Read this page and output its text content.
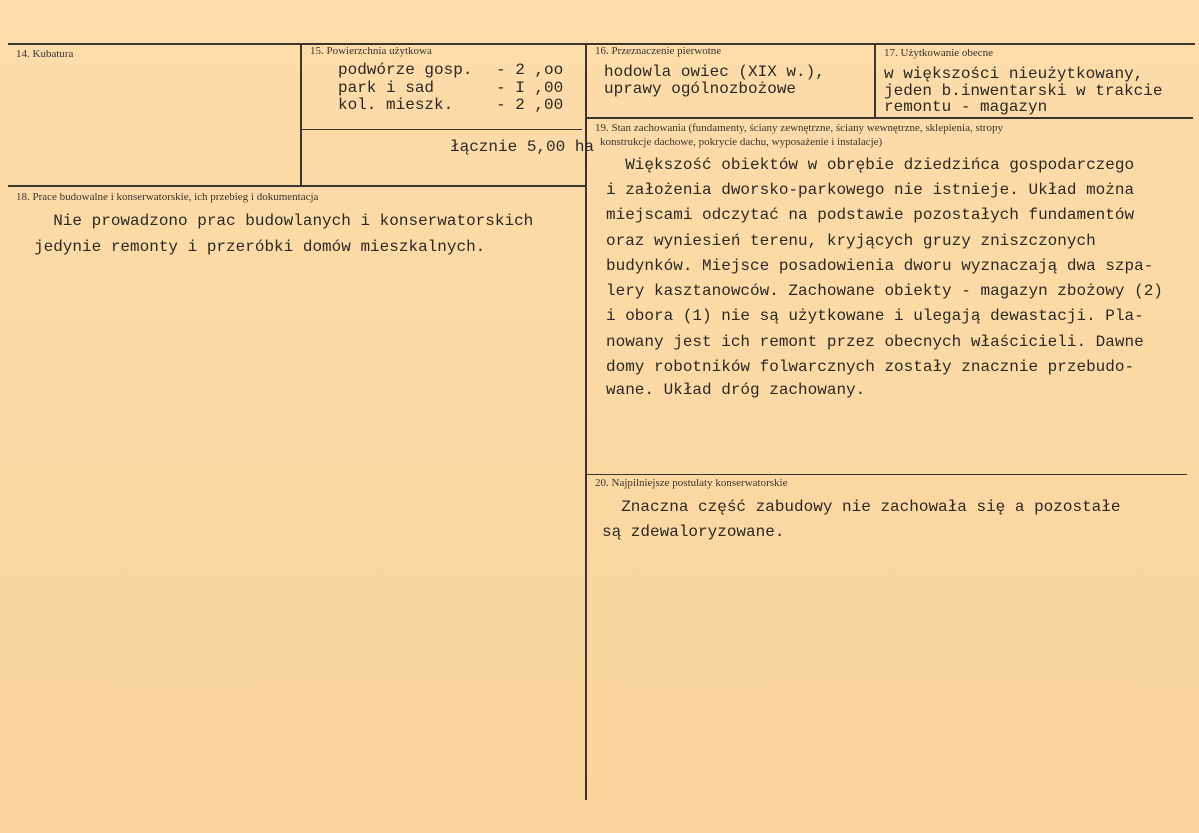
14. Kubatura	15. Powierzchnia użytkowa
podwórze gosp. - 2 ,oo
park i sad	- I ,00
kol. mieszk.	- 2 ,00
łącznie 5,00 ha
16. Przeznaczenie pierwotne
hodowla owiec (XIX w.),
uprawy ogólnozbożowe
17. Użytkowanie obecne
w większości nieużytkowany,
jeden b.inwentarski w trakcie
remontu - magazyn
18. Prace budowalne i konserwatorskie, ich przebieg i dokumentacja
Nie prowadzono prac budowlanych i konserwatorskich
jedynie remonty i przeróbki domów mieszkalnych.
19. Stan zachowania (fundamenty, ściany zewnętrzne, ściany wewnętrzne, sklepienia, stropy
konstrukcje dachowe, pokrycie dachu, wyposażenie i instalacje)
Większość obiektów w obrębie dziedzińca gospodarczego
i założenia dworsko-parkowego nie istnieje. Układ można
miejscami odczytać na podstawie pozostałych fundamentów
oraz wyniesień terenu, kryjących gruzy zniszczonych
budynków. Miejsce posadowienia dworu wyznaczają dwa szpa-
lery kasztanowców. Zachowane obiekty - magazyn zbożowy (2)
i obora (1) nie są użytkowane i ulegają dewastacji. Pla-
nowany jest ich remont przez obecnych właścicieli. Dawne
domy robotników folwarcznych zostały znacznie przebudo-
wane. Układ dróg zachowany.
20. Najpilniejsze postulaty konserwatorskie
Znaczna część zabudowy nie zachowała się a pozostałe
są zdewaloryzowane.
